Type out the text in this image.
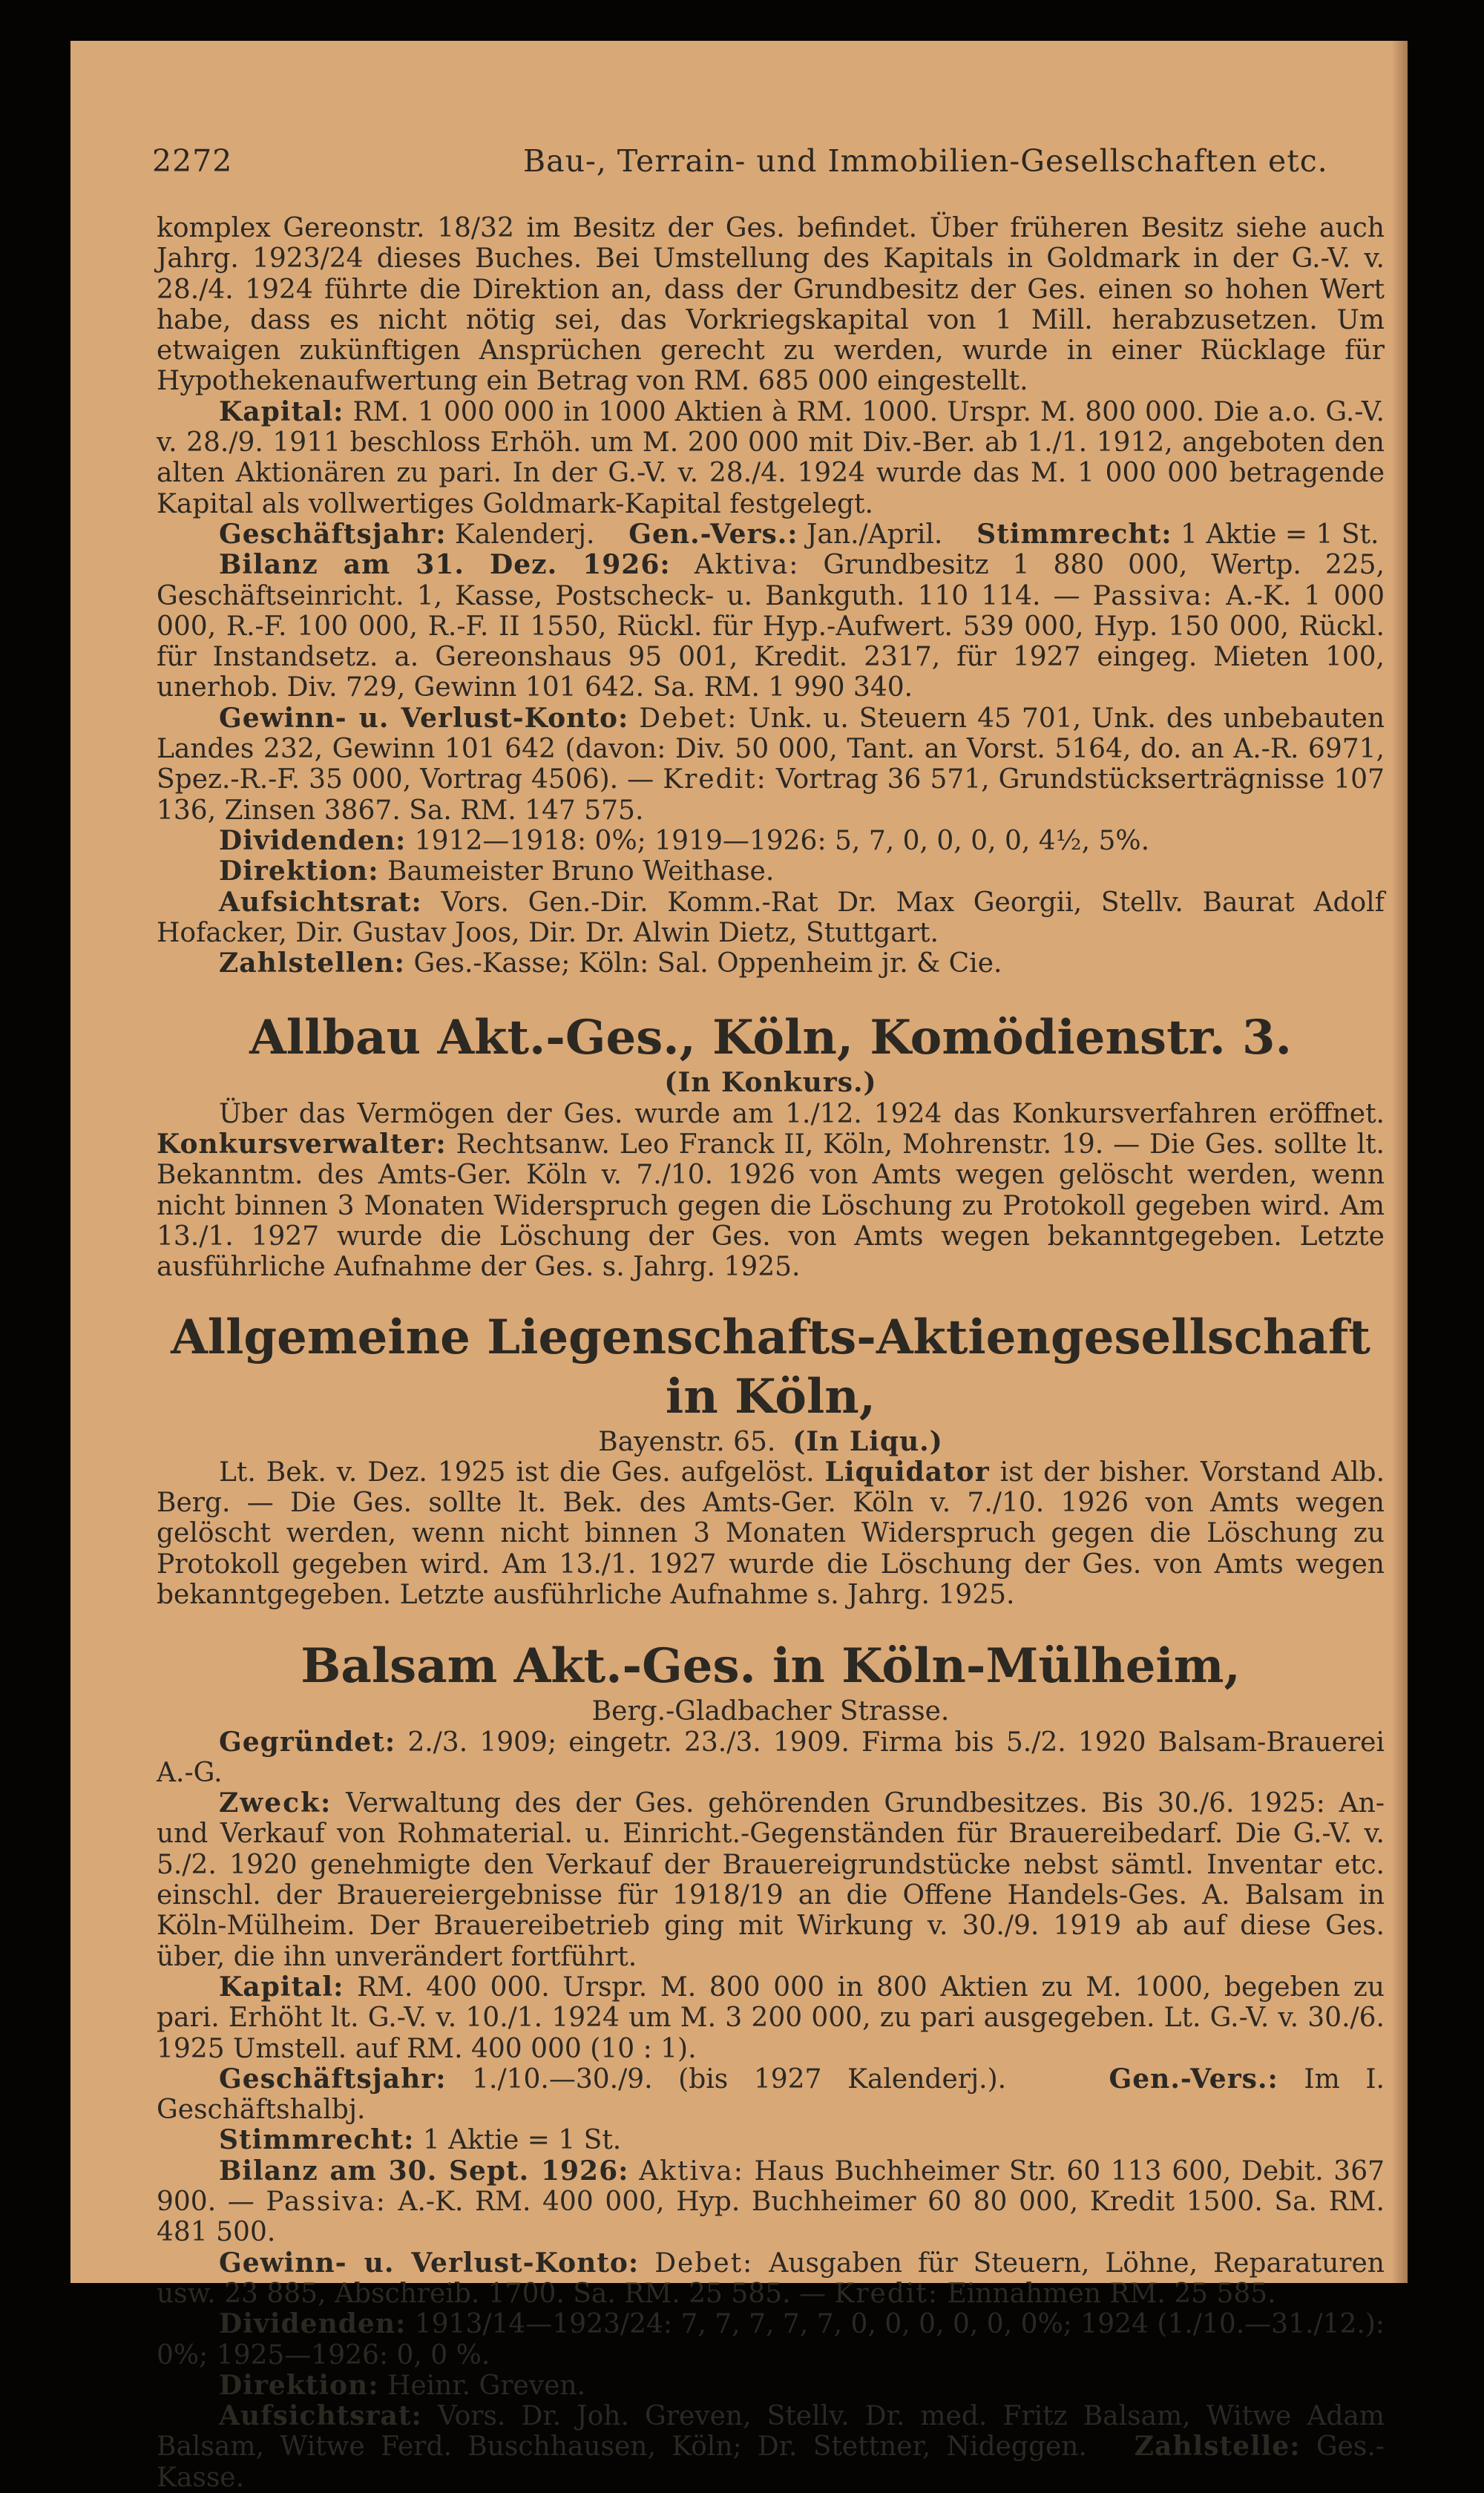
2272	Bau-, Terrain- und Immobilien-Gesellschaften etc.

komplex Gereonstr. 18/32 im Besitz der Ges. befindet. Über früheren Besitz siehe auch Jahrg. 1923/24 dieses Buches. Bei Umstellung des Kapitals in Goldmark in der G.-V. v. 28./4. 1924 führte die Direktion an, dass der Grundbesitz der Ges. einen so hohen Wert habe, dass es nicht nötig sei, das Vorkriegskapital von 1 Mill. herabzusetzen. Um etwaigen zukünftigen Ansprüchen gerecht zu werden, wurde in einer Rücklage für Hypothekenaufwertung ein Betrag von RM. 685 000 eingestellt.

Kapital: RM. 1 000 000 in 1000 Aktien à RM. 1000. Urspr. M. 800 000. Die a.o. G.-V. v. 28./9. 1911 beschloss Erhöh. um M. 200 000 mit Div.-Ber. ab 1./1. 1912, angeboten den alten Aktionären zu pari. In der G.-V. v. 28./4. 1924 wurde das M. 1 000 000 betragende Kapital als vollwertiges Goldmark-Kapital festgelegt.

Geschäftsjahr: Kalenderj. Gen.-Vers.: Jan./April. Stimmrecht: 1 Aktie = 1 St.

Bilanz am 31. Dez. 1926: Aktiva: Grundbesitz 1 880 000, Wertp. 225, Geschäftseinricht. 1, Kasse, Postscheck- u. Bankguth. 110 114. — Passiva: A.-K. 1 000 000, R.-F. 100 000, R.-F. II 1550, Rückl. für Hyp.-Aufwert. 539 000, Hyp. 150 000, Rückl. für Instandsetz. a. Gereonshaus 95 001, Kredit. 2317, für 1927 eingeg. Mieten 100, unerhob. Div. 729, Gewinn 101 642. Sa. RM. 1 990 340.

Gewinn- u. Verlust-Konto: Debet: Unk. u. Steuern 45 701, Unk. des unbebauten Landes 232, Gewinn 101 642 (davon: Div. 50 000, Tant. an Vorst. 5164, do. an A.-R. 6971, Spez.-R.-F. 35 000, Vortrag 4506). — Kredit: Vortrag 36 571, Grundstückserträgnisse 107 136, Zinsen 3867. Sa. RM. 147 575.

Dividenden: 1912—1918: 0%; 1919—1926: 5, 7, 0, 0, 0, 0, 4½, 5%.

Direktion: Baumeister Bruno Weithase.

Aufsichtsrat: Vors. Gen.-Dir. Komm.-Rat Dr. Max Georgii, Stellv. Baurat Adolf Hofacker, Dir. Gustav Joos, Dir. Dr. Alwin Dietz, Stuttgart.

Zahlstellen: Ges.-Kasse; Köln: Sal. Oppenheim jr. & Cie.

Allbau Akt.-Ges., Köln, Komödienstr. 3.

(In Konkurs.)

Über das Vermögen der Ges. wurde am 1./12. 1924 das Konkursverfahren eröffnet. Konkursverwalter: Rechtsanw. Leo Franck II, Köln, Mohrenstr. 19. — Die Ges. sollte lt. Bekanntm. des Amts-Ger. Köln v. 7./10. 1926 von Amts wegen gelöscht werden, wenn nicht binnen 3 Monaten Widerspruch gegen die Löschung zu Protokoll gegeben wird. Am 13./1. 1927 wurde die Löschung der Ges. von Amts wegen bekanntgegeben. Letzte ausführliche Aufnahme der Ges. s. Jahrg. 1925.

Allgemeine Liegenschafts-Aktiengesellschaft in Köln,

Bayenstr. 65. (In Liqu.)

Lt. Bek. v. Dez. 1925 ist die Ges. aufgelöst. Liquidator ist der bisher. Vorstand Alb. Berg. — Die Ges. sollte lt. Bek. des Amts-Ger. Köln v. 7./10. 1926 von Amts wegen gelöscht werden, wenn nicht binnen 3 Monaten Widerspruch gegen die Löschung zu Protokoll gegeben wird. Am 13./1. 1927 wurde die Löschung der Ges. von Amts wegen bekanntgegeben. Letzte ausführliche Aufnahme s. Jahrg. 1925.

Balsam Akt.-Ges. in Köln-Mülheim,

Berg.-Gladbacher Strasse.

Gegründet: 2./3. 1909; eingetr. 23./3. 1909. Firma bis 5./2. 1920 Balsam-Brauerei A.-G.

Zweck: Verwaltung des der Ges. gehörenden Grundbesitzes. Bis 30./6. 1925: An- und Verkauf von Rohmaterial. u. Einricht.-Gegenständen für Brauereibedarf. Die G.-V. v. 5./2. 1920 genehmigte den Verkauf der Brauereigrundstücke nebst sämtl. Inventar etc. einschl. der Brauereiergebnisse für 1918/19 an die Offene Handels-Ges. A. Balsam in Köln-Mülheim. Der Brauereibetrieb ging mit Wirkung v. 30./9. 1919 ab auf diese Ges. über, die ihn unverändert fortführt.

Kapital: RM. 400 000. Urspr. M. 800 000 in 800 Aktien zu M. 1000, begeben zu pari. Erhöht lt. G.-V. v. 10./1. 1924 um M. 3 200 000, zu pari ausgegeben. Lt. G.-V. v. 30./6. 1925 Umstell. auf RM. 400 000 (10 : 1).

Geschäftsjahr: 1./10.—30./9. (bis 1927 Kalenderj.).	Gen.-Vers.: Im I. Geschäftshalbj.

Stimmrecht: 1 Aktie = 1 St.

Bilanz am 30. Sept. 1926: Aktiva: Haus Buchheimer Str. 60 113 600, Debit. 367 900. — Passiva: A.-K. RM. 400 000, Hyp. Buchheimer 60 80 000, Kredit 1500. Sa. RM. 481 500.

Gewinn- u. Verlust-Konto: Debet: Ausgaben für Steuern, Löhne, Reparaturen usw. 23 885, Abschreib. 1700. Sa. RM. 25 585. — Kredit: Einnahmen RM. 25 585.

Dividenden: 1913/14—1923/24: 7, 7, 7, 7, 7, 0, 0, 0, 0, 0, 0%; 1924 (1./10.—31./12.): 0%; 1925—1926: 0, 0 %.

Direktion: Heinr. Greven.

Aufsichtsrat: Vors. Dr. Joh. Greven, Stellv. Dr. med. Fritz Balsam, Witwe Adam Balsam, Witwe Ferd. Buschhausen, Köln; Dr. Stettner, Nideggen. Zahlstelle: Ges.-Kasse.
